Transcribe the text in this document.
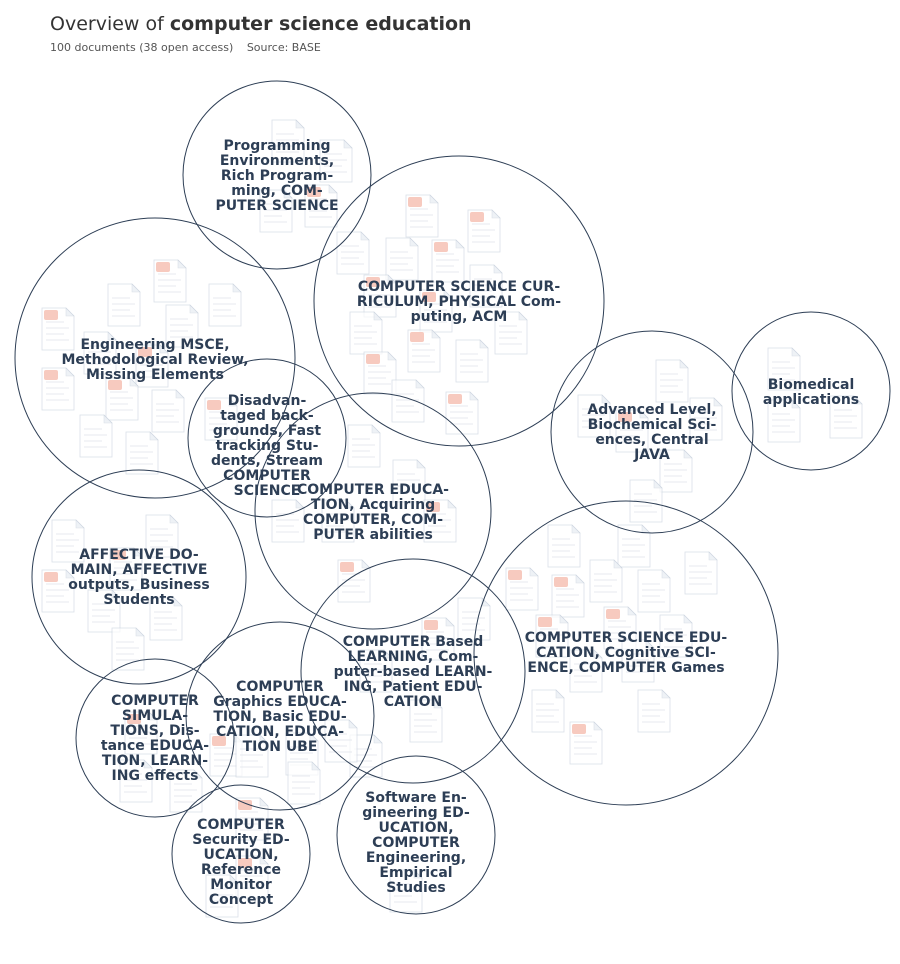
Overview of computer science education
100 documents (38 open access) Source: BASE
Programming Environments, Rich Program-ming, COM-PUTER SCIENCE
COMPUTER SCIENCE CUR-RICULUM, PHYSICAL Com-puting, ACM
Engineering MSCE, Methodological Review, Missing Elements
Disadvan-taged back-grounds, Fast tracking Stu-dents, Stream COMPUTER SCIENCE
Advanced Level, Biochemical Sci-ences, Central JAVA
Biomedical applications
COMPUTER EDUCA-TION, Acquiring COMPUTER, COM-PUTER abilities
AFFECTIVE DO-MAIN, AFFECTIVE outputs, Business Students
COMPUTER SCIENCE EDU-CATION, Cognitive SCI-ENCE, COMPUTER Games
COMPUTER Based LEARNING, Com-puter-based LEARN-ING, Patient EDU-CATION
COMPUTER Graphics EDUCA-TION, Basic EDU-CATION, EDUCA-TION UBE
COMPUTER SIMULA-TIONS, Dis-tance EDUCA-TION, LEARN-ING effects
COMPUTER Security ED-UCATION, Reference Monitor Concept
Software En-gineering ED-UCATION, COMPUTER Engineering, Empirical Studies
